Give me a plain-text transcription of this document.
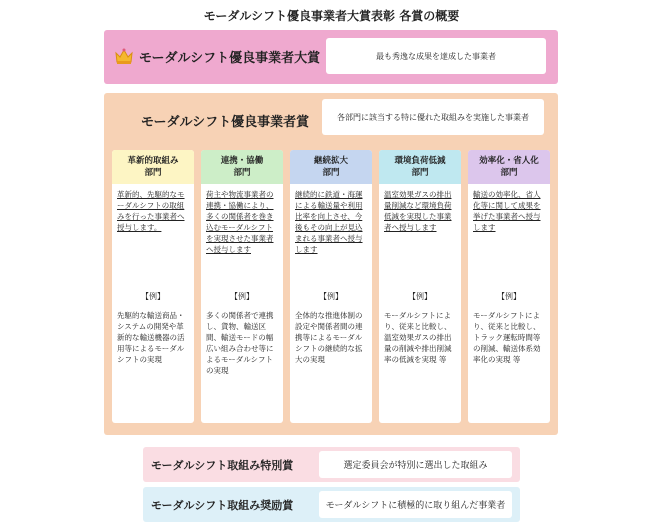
モーダルシフト優良事業者大賞表彰 各賞の概要
モーダルシフト優良事業者大賞	最も秀逸な成果を達成した事業者
モーダルシフト優良事業者賞	各部門に該当する特に優れた取組みを実施した事業者
革新的取組み
部門
革新的、先駆的なモーダルシフトの取組みを行った事業者へ授与します。
【例】
先駆的な輸送商品・システムの開発や革新的な輸送機器の活用等によるモーダルシフトの実現
連携・協働
部門
荷主や物流事業者の連携・協働により、多くの関係者を巻き込むモーダルシフトを実現させた事業者へ授与します
【例】
多くの関係者で連携し、貨物、輸送区間、輸送モードの幅広い組み合わせ等によるモーダルシフトの実現
継続拡大
部門
継続的に鉄道・海運による輸送量や利用比率を向上させ、今後もその向上が見込まれる事業者へ授与します
【例】
全体的な推進体制の設定や関係者間の連携等によるモーダルシフトの継続的な拡大の実現
環境負荷低減
部門
温室効果ガスの排出量削減など環境負荷低減を実現した事業者へ授与します
【例】
モーダルシフトにより、従来と比較し、温室効果ガスの排出量の削減や排出削減率の低減を実現 等
効率化・省人化
部門
輸送の効率化、省人化等に関して成果を挙げた事業者へ授与します
【例】
モーダルシフトにより、従来と比較し、トラック運転時間等の削減、輸送体系効率化の実現 等
モーダルシフト取組み特別賞	選定委員会が特別に選出した取組み
モーダルシフト取組み奨励賞	モーダルシフトに積極的に取り組んだ事業者
